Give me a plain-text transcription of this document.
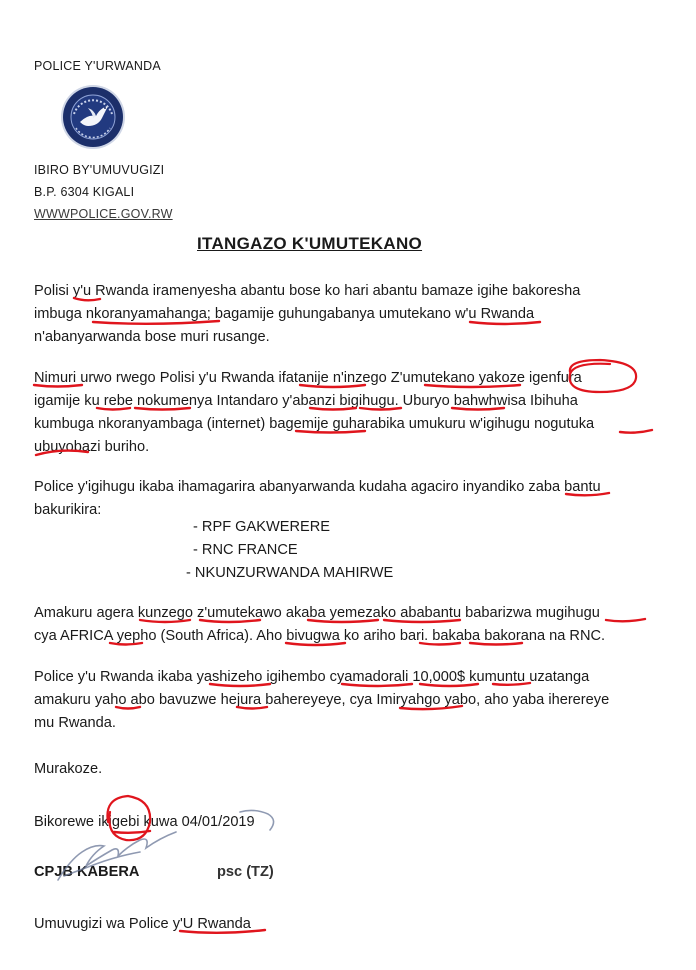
POLICE Y'URWANDA
IBIRO BY'UMUVUGIZI
B.P. 6304 KIGALI
WWWPOLICE.GOV.RW
ITANGAZO K'UMUTEKANO
Polisi y'u Rwanda iramenyesha abantu bose ko hari abantu bamaze igihe bakoresha
imbuga nkoranyamahanga; bagamije guhungabanya umutekano w'u Rwanda
n'abanyarwanda bose muri rusange.
Nimuri urwo rwego Polisi y'u Rwanda ifatanije n'inzego Z'umutekano yakoze igenfura
igamije ku rebe nokumenya Intandaro y'abanzi bigihugu. Uburyo bahwhwisa Ibihuha
kumbuga nkoranyambaga (internet) bagemije guharabika umukuru w'igihugu nogutuka
ubuyobazi buriho.
Police y'igihugu ikaba ihamagarira abanyarwanda kudaha agaciro inyandiko zaba bantu
bakurikira:
- RPF GAKWERERE
- RNC FRANCE
- NKUNZURWANDA MAHIRWE
Amakuru agera kunzego z'umutekawo akaba yemezako ababantu babarizwa mugihugu
cya AFRICA yepho (South Africa). Aho bivugwa ko ariho bari. bakaba bakorana na RNC.
Police y'u Rwanda ikaba yashizeho igihembo cyamadorali 10,000$ kumuntu uzatanga
amakuru yaho abo bavuzwe hejura bahereyeye, cya Imiryahgo yabo, aho yaba iherereye
mu Rwanda.
Murakoze.
Bikorewe ikigebi kuwa 04/01/2019
CPJB KABERA	psc (TZ)
Umuvugizi wa Police y'U Rwanda
